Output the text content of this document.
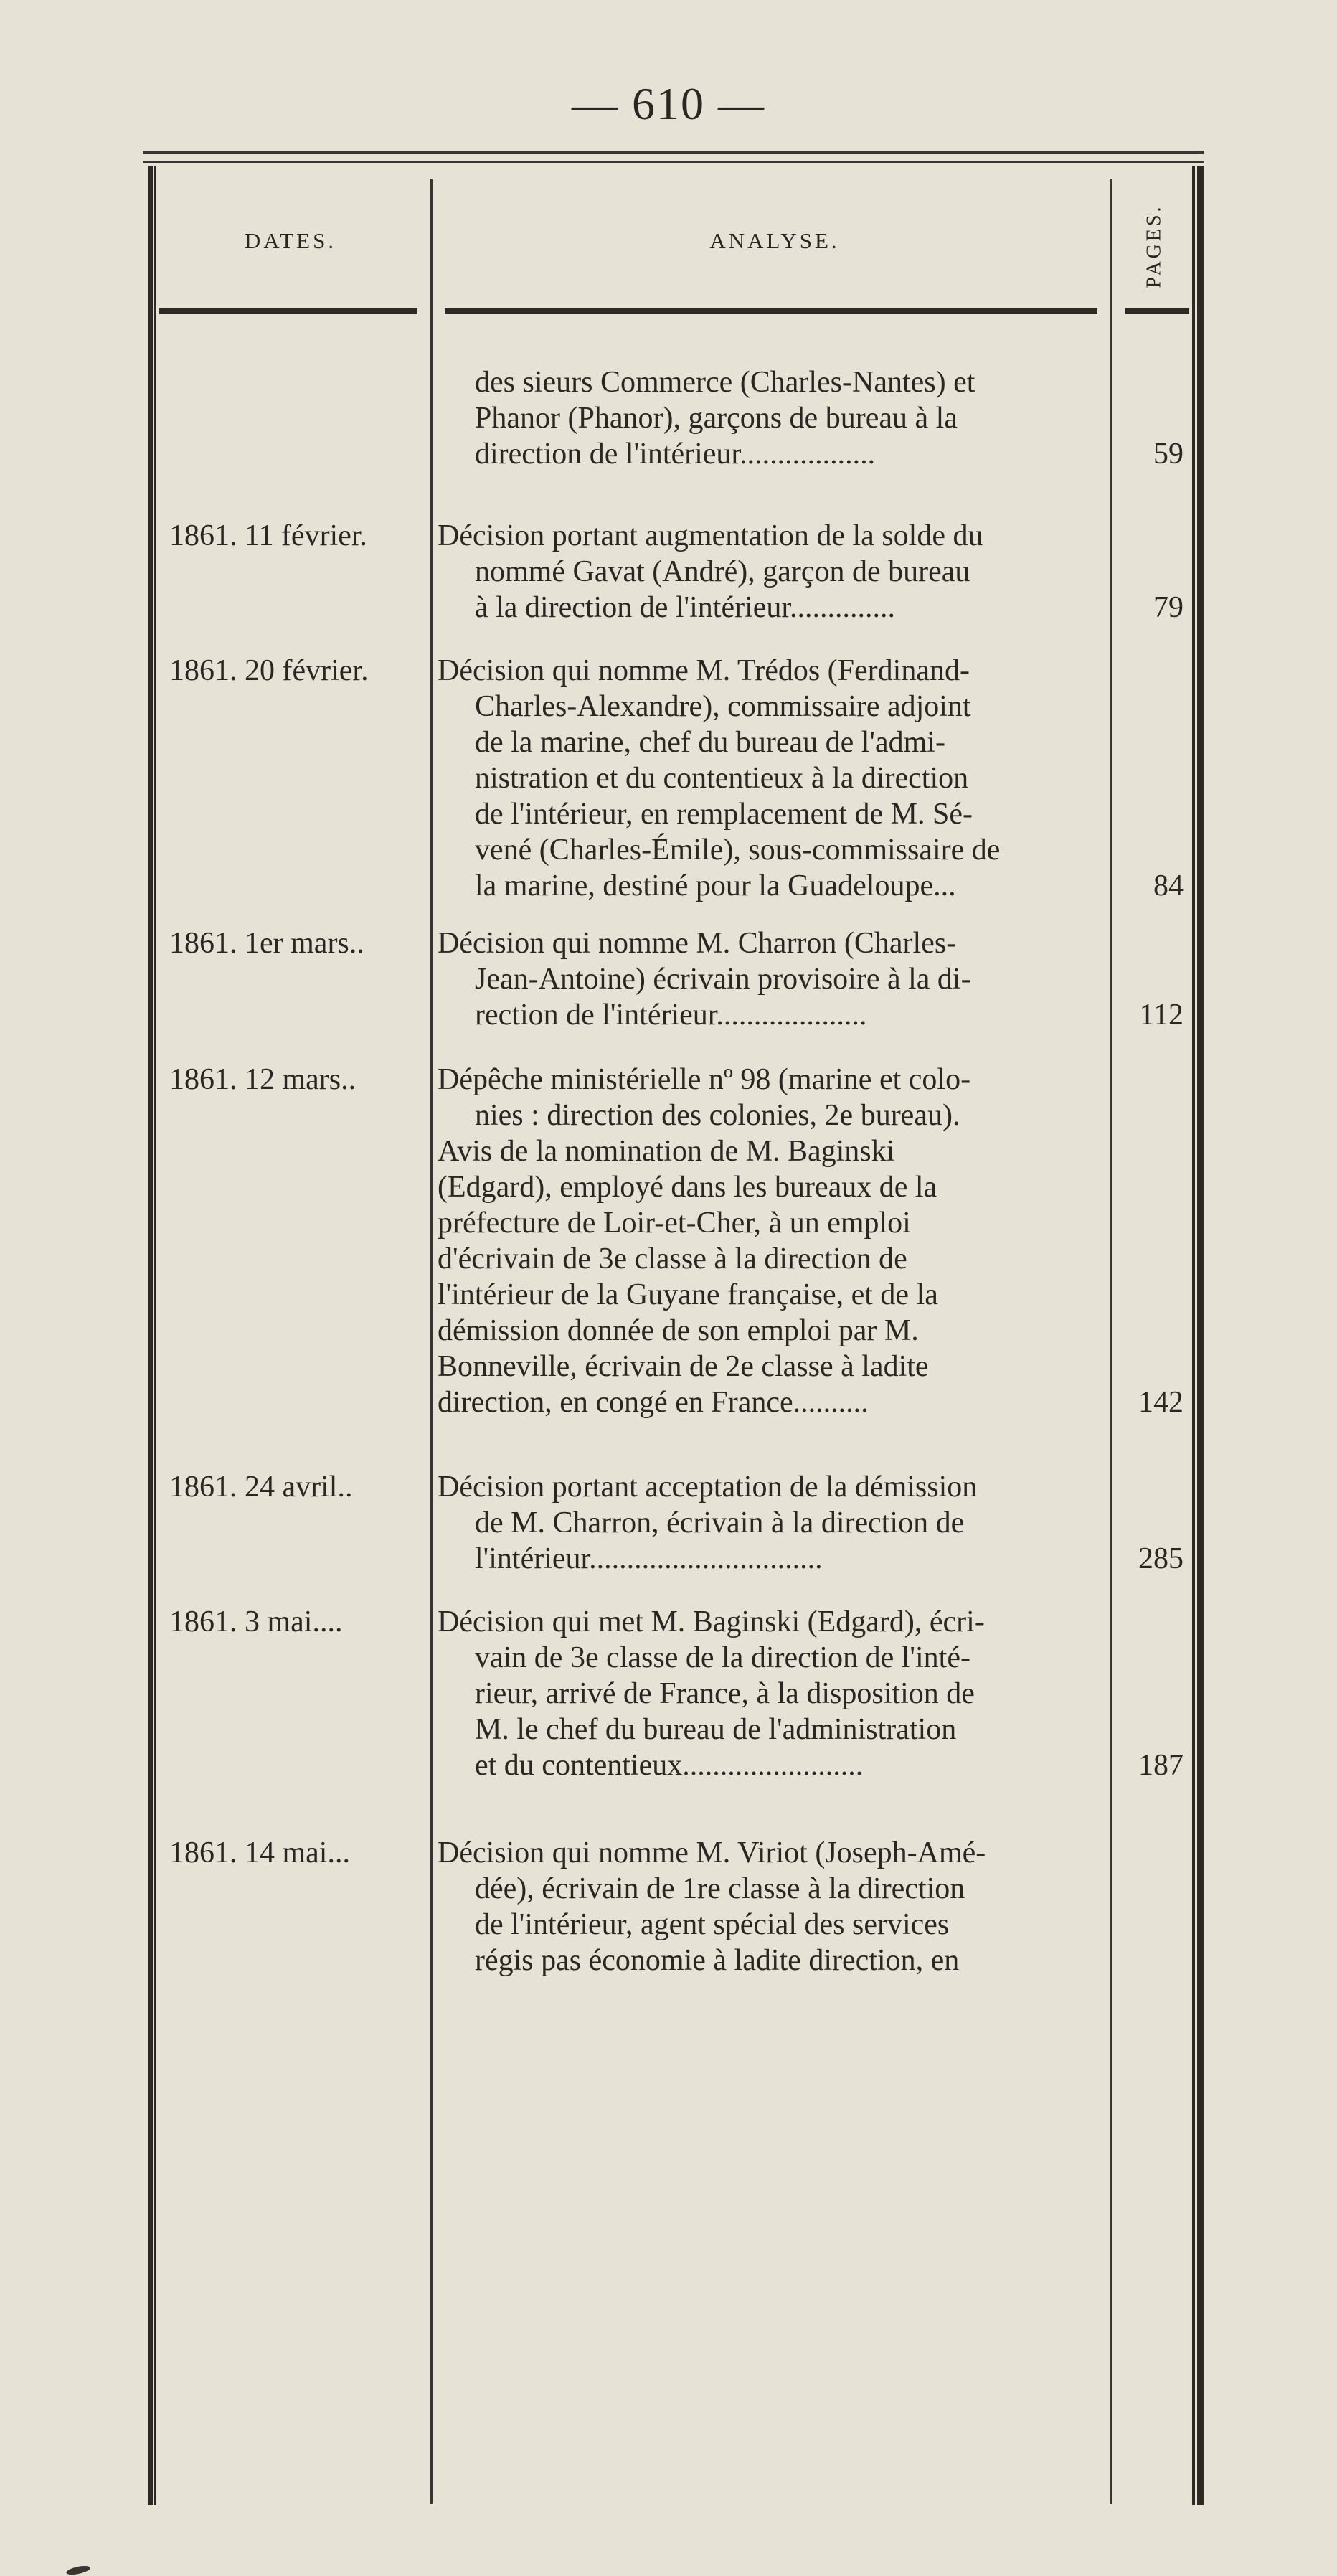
— 610 —
DATES.	ANALYSE.	PAGES.
des sieurs Commerce (Charles-Nantes) et
Phanor (Phanor), garçons de bureau à la
direction de l'intérieur..................	59
1861. 11 février.	Décision portant augmentation de la solde du
nommé Gavat (André), garçon de bureau
à la direction de l'intérieur..............	79
1861. 20 février.	Décision qui nomme M. Trédos (Ferdinand-
Charles-Alexandre), commissaire adjoint
de la marine, chef du bureau de l'admi-
nistration et du contentieux à la direction
de l'intérieur, en remplacement de M. Sé-
vené (Charles-Émile), sous-commissaire de
la marine, destiné pour la Guadeloupe...	84
1861. 1er mars..	Décision qui nomme M. Charron (Charles-
Jean-Antoine) écrivain provisoire à la di-
rection de l'intérieur....................	112
1861. 12 mars..	Dépêche ministérielle nº 98 (marine et colo-
nies : direction des colonies, 2e bureau).
Avis de la nomination de M. Baginski
(Edgard), employé dans les bureaux de la
préfecture de Loir-et-Cher, à un emploi
d'écrivain de 3e classe à la direction de
l'intérieur de la Guyane française, et de la
démission donnée de son emploi par M.
Bonneville, écrivain de 2e classe à ladite
direction, en congé en France..........	142
1861. 24 avril..	Décision portant acceptation de la démission
de M. Charron, écrivain à la direction de
l'intérieur...............................	285
1861. 3 mai....	Décision qui met M. Baginski (Edgard), écri-
vain de 3e classe de la direction de l'inté-
rieur, arrivé de France, à la disposition de
M. le chef du bureau de l'administration
et du contentieux........................	187
1861. 14 mai...	Décision qui nomme M. Viriot (Joseph-Amé-
dée), écrivain de 1re classe à la direction
de l'intérieur, agent spécial des services
régis pas économie à ladite direction, en
